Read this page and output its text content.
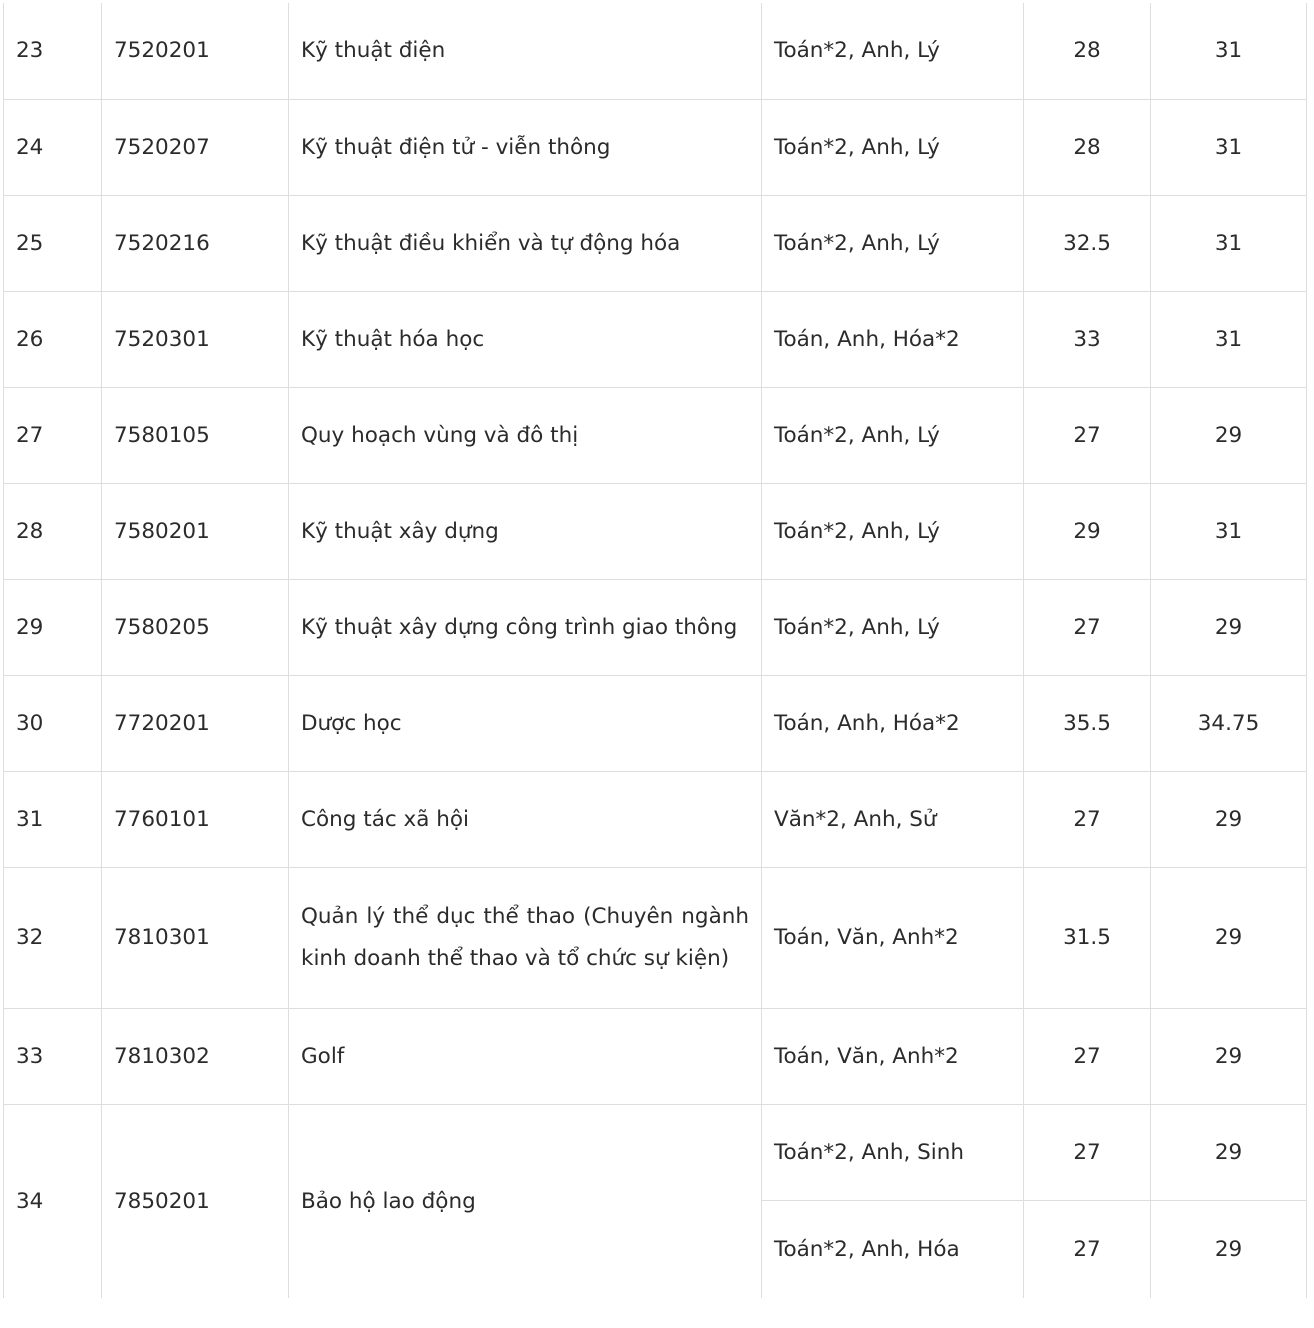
23	7520201	Kỹ thuật điện	Toán*2, Anh, Lý	28	31
24	7520207	Kỹ thuật điện tử - viễn thông	Toán*2, Anh, Lý	28	31
25	7520216	Kỹ thuật điều khiển và tự động hóa	Toán*2, Anh, Lý	32.5	31
26	7520301	Kỹ thuật hóa học	Toán, Anh, Hóa*2	33	31
27	7580105	Quy hoạch vùng và đô thị	Toán*2, Anh, Lý	27	29
28	7580201	Kỹ thuật xây dựng	Toán*2, Anh, Lý	29	31
29	7580205	Kỹ thuật xây dựng công trình giao thông	Toán*2, Anh, Lý	27	29
30	7720201	Dược học	Toán, Anh, Hóa*2	35.5	34.75
31	7760101	Công tác xã hội	Văn*2, Anh, Sử	27	29
32	7810301	Quản lý thể dục thể thao (Chuyên ngành kinh doanh thể thao và tổ chức sự kiện)	Toán, Văn, Anh*2	31.5	29
33	7810302	Golf	Toán, Văn, Anh*2	27	29
34	7850201	Bảo hộ lao động	Toán*2, Anh, Sinh	27	29
			Toán*2, Anh, Hóa	27	29
